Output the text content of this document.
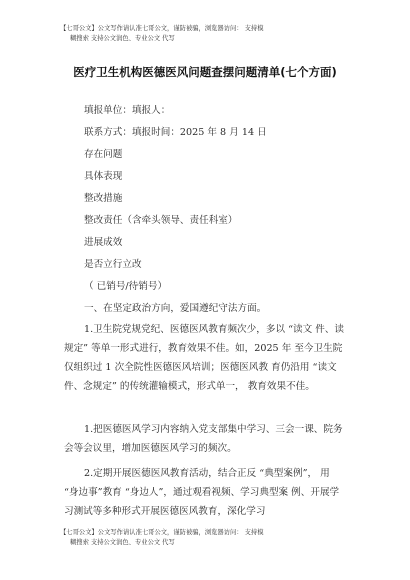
【七哥公文】公文写作请认准七哥公文，谨防被骗，浏览器访问： 支持模
糊搜索 支持公文润色、专业公文 代写
医疗卫生机构医德医风问题查摆问题清单(七个方面)
填报单位：填报人：
联系方式：填报时间：2025 年 8 月 14 日
存在问题
具体表现
整改措施
整改责任（含牵头领导、责任科室）
进展成效
是否立行立改
（ 已销号/待销号）
一、在坚定政治方向，爱国遵纪守法方面。
1.卫生院党规党纪、医德医风教育频次少，多以 “读文 件、读规定” 等单一形式进行，教育效果不佳。如，2025 年 至今卫生院仅组织过 1 次全院性医德医风培训；医德医风教 育仍沿用 “读文件、念规定” 的传统灌输模式，形式单一， 教育效果不佳。
1.把医德医风学习内容纳入党支部集中学习、三会一课、院务会等会议里，增加医德医风学习的频次。
2.定期开展医德医风教育活动，结合正反 “典型案例”， 用 “身边事”教育 “身边人”，通过观看视频、学习典型案 例、开展学习测试等多种形式开展医德医风教育，深化学习
【七哥公文】公文写作请认准七哥公文，谨防被骗，浏览器访问： 支持模
糊搜索 支持公文润色、专业公文 代写
